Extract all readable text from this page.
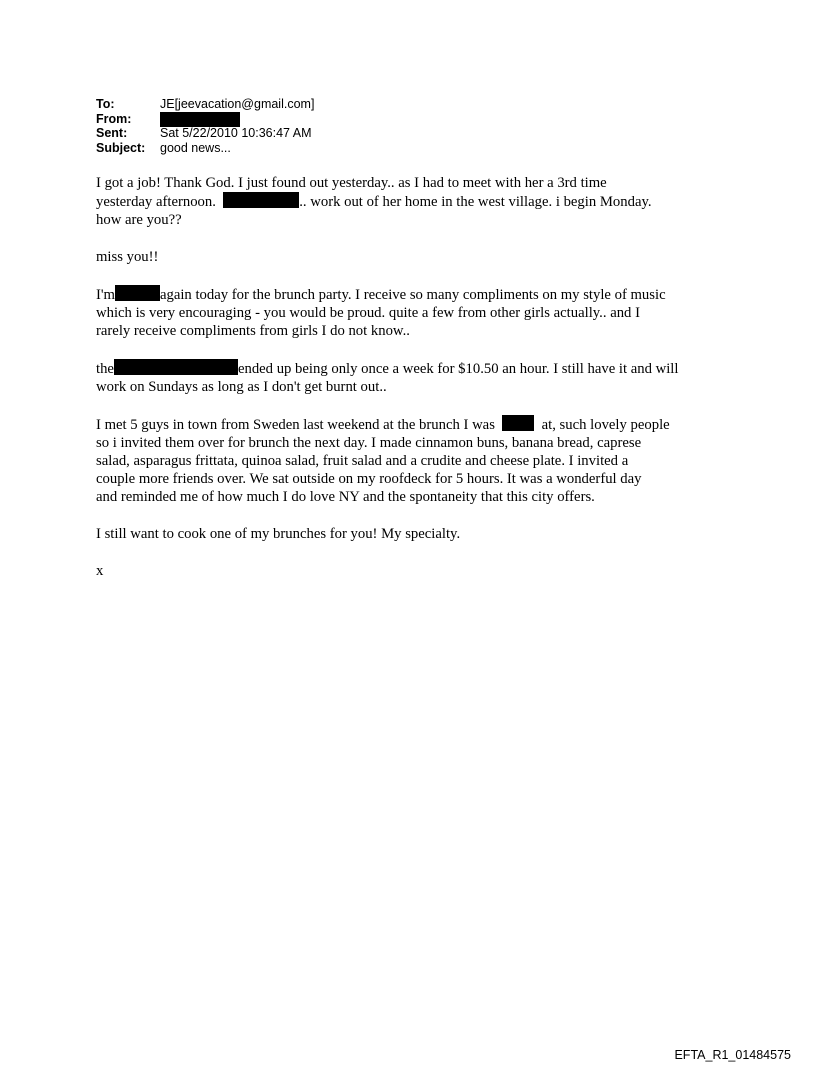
To:	JE[jeevacation@gmail.com]
From:
Sent:	Sat 5/22/2010 10:36:47 AM
Subject:	good news...

I got a job! Thank God. I just found out yesterday.. as I had to meet with her a 3rd time
yesterday afternoon.	.. work out of her home in the west village. i begin Monday.
how are you??

miss you!!

I'm	again today for the brunch party. I receive so many compliments on my style of music
which is very encouraging - you would be proud. quite a few from other girls actually.. and I
rarely receive compliments from girls I do not know..

the	ended up being only once a week for $10.50 an hour. I still have it and will
work on Sundays as long as I don't get burnt out..

I met 5 guys in town from Sweden last weekend at the brunch I was	at, such lovely people
so i invited them over for brunch the next day. I made cinnamon buns, banana bread, caprese
salad, asparagus frittata, quinoa salad, fruit salad and a crudite and cheese plate. I invited a
couple more friends over. We sat outside on my roofdeck for 5 hours. It was a wonderful day
and reminded me of how much I do love NY and the spontaneity that this city offers.

I still want to cook one of my brunches for you! My specialty.

x

EFTA_R1_01484575
